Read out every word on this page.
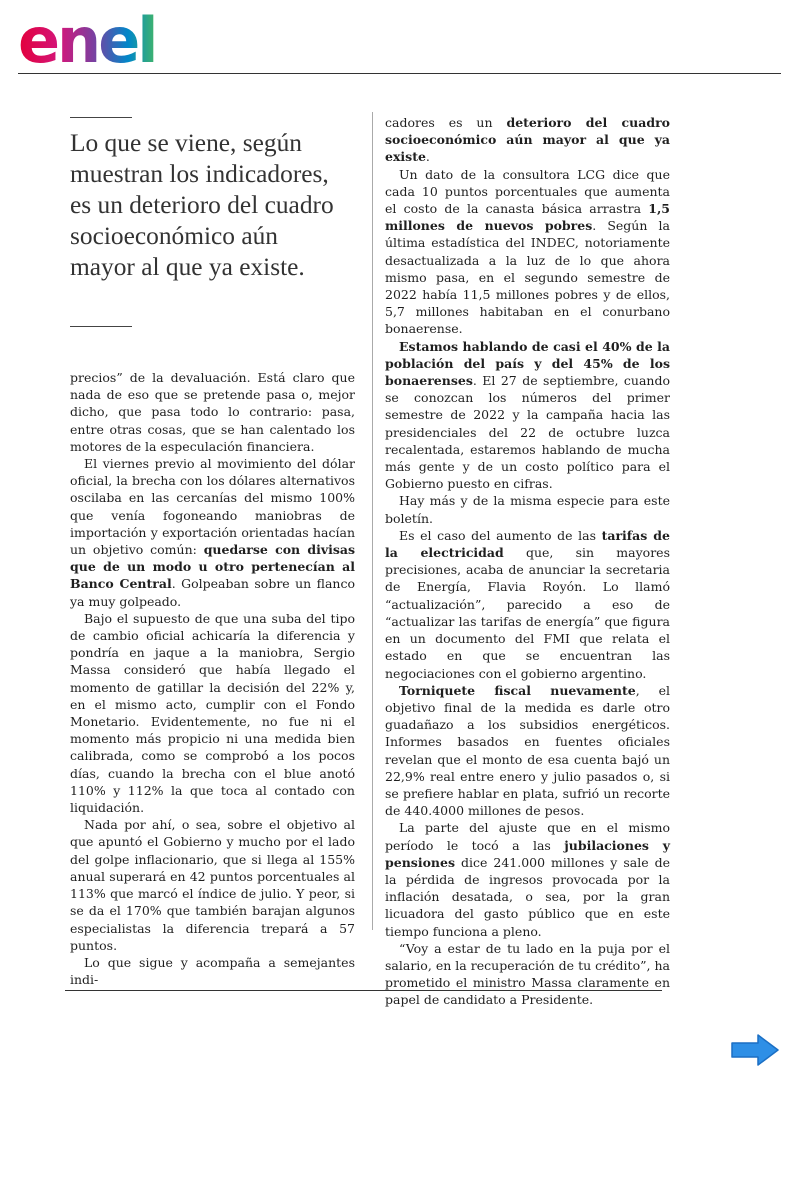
enel

Lo que se viene, según muestran los indicadores, es un deterioro del cuadro socioeconómico aún mayor al que ya existe.

precios” de la devaluación. Está claro que nada de eso que se pretende pasa o, mejor dicho, que pasa todo lo contrario: pasa, entre otras cosas, que se han calentado los motores de la especulación financiera.

El viernes previo al movimiento del dólar oficial, la brecha con los dólares alternativos oscilaba en las cercanías del mismo 100% que venía fogoneando maniobras de importación y exportación orientadas hacían un objetivo común: quedarse con divisas que de un modo u otro pertenecían al Banco Central. Golpeaban sobre un flanco ya muy golpeado.

Bajo el supuesto de que una suba del tipo de cambio oficial achicaría la diferencia y pondría en jaque a la maniobra, Sergio Massa consideró que había llegado el momento de gatillar la decisión del 22% y, en el mismo acto, cumplir con el Fondo Monetario. Evidentemente, no fue ni el momento más propicio ni una medida bien calibrada, como se comprobó a los pocos días, cuando la brecha con el blue anotó 110% y 112% la que toca al contado con liquidación.

Nada por ahí, o sea, sobre el objetivo al que apuntó el Gobierno y mucho por el lado del golpe inflacionario, que si llega al 155% anual superará en 42 puntos porcentuales al 113% que marcó el índice de julio. Y peor, si se da el 170% que también barajan algunos especialistas la diferencia trepará a 57 puntos.

Lo que sigue y acompaña a semejantes indi-

cadores es un deterioro del cuadro socioeconómico aún mayor al que ya existe.

Un dato de la consultora LCG dice que cada 10 puntos porcentuales que aumenta el costo de la canasta básica arrastra 1,5 millones de nuevos pobres. Según la última estadística del INDEC, notoriamente desactualizada a la luz de lo que ahora mismo pasa, en el segundo semestre de 2022 había 11,5 millones pobres y de ellos, 5,7 millones habitaban en el conurbano bonaerense.

Estamos hablando de casi el 40% de la población del país y del 45% de los bonaerenses. El 27 de septiembre, cuando se conozcan los números del primer semestre de 2022 y la campaña hacia las presidenciales del 22 de octubre luzca recalentada, estaremos hablando de mucha más gente y de un costo político para el Gobierno puesto en cifras.

Hay más y de la misma especie para este boletín.

Es el caso del aumento de las tarifas de la electricidad que, sin mayores precisiones, acaba de anunciar la secretaria de Energía, Flavia Royón. Lo llamó “actualización”, parecido a eso de “actualizar las tarifas de energía” que figura en un documento del FMI que relata el estado en que se encuentran las negociaciones con el gobierno argentino.

Torniquete fiscal nuevamente, el objetivo final de la medida es darle otro guadañazo a los subsidios energéticos. Informes basados en fuentes oficiales revelan que el monto de esa cuenta bajó un 22,9% real entre enero y julio pasados o, si se prefiere hablar en plata, sufrió un recorte de 440.4000 millones de pesos.

La parte del ajuste que en el mismo período le tocó a las jubilaciones y pensiones dice 241.000 millones y sale de la pérdida de ingresos provocada por la inflación desatada, o sea, por la gran licuadora del gasto público que en este tiempo funciona a pleno.

“Voy a estar de tu lado en la puja por el salario, en la recuperación de tu crédito”, ha prometido el ministro Massa claramente en papel de candidato a Presidente.
